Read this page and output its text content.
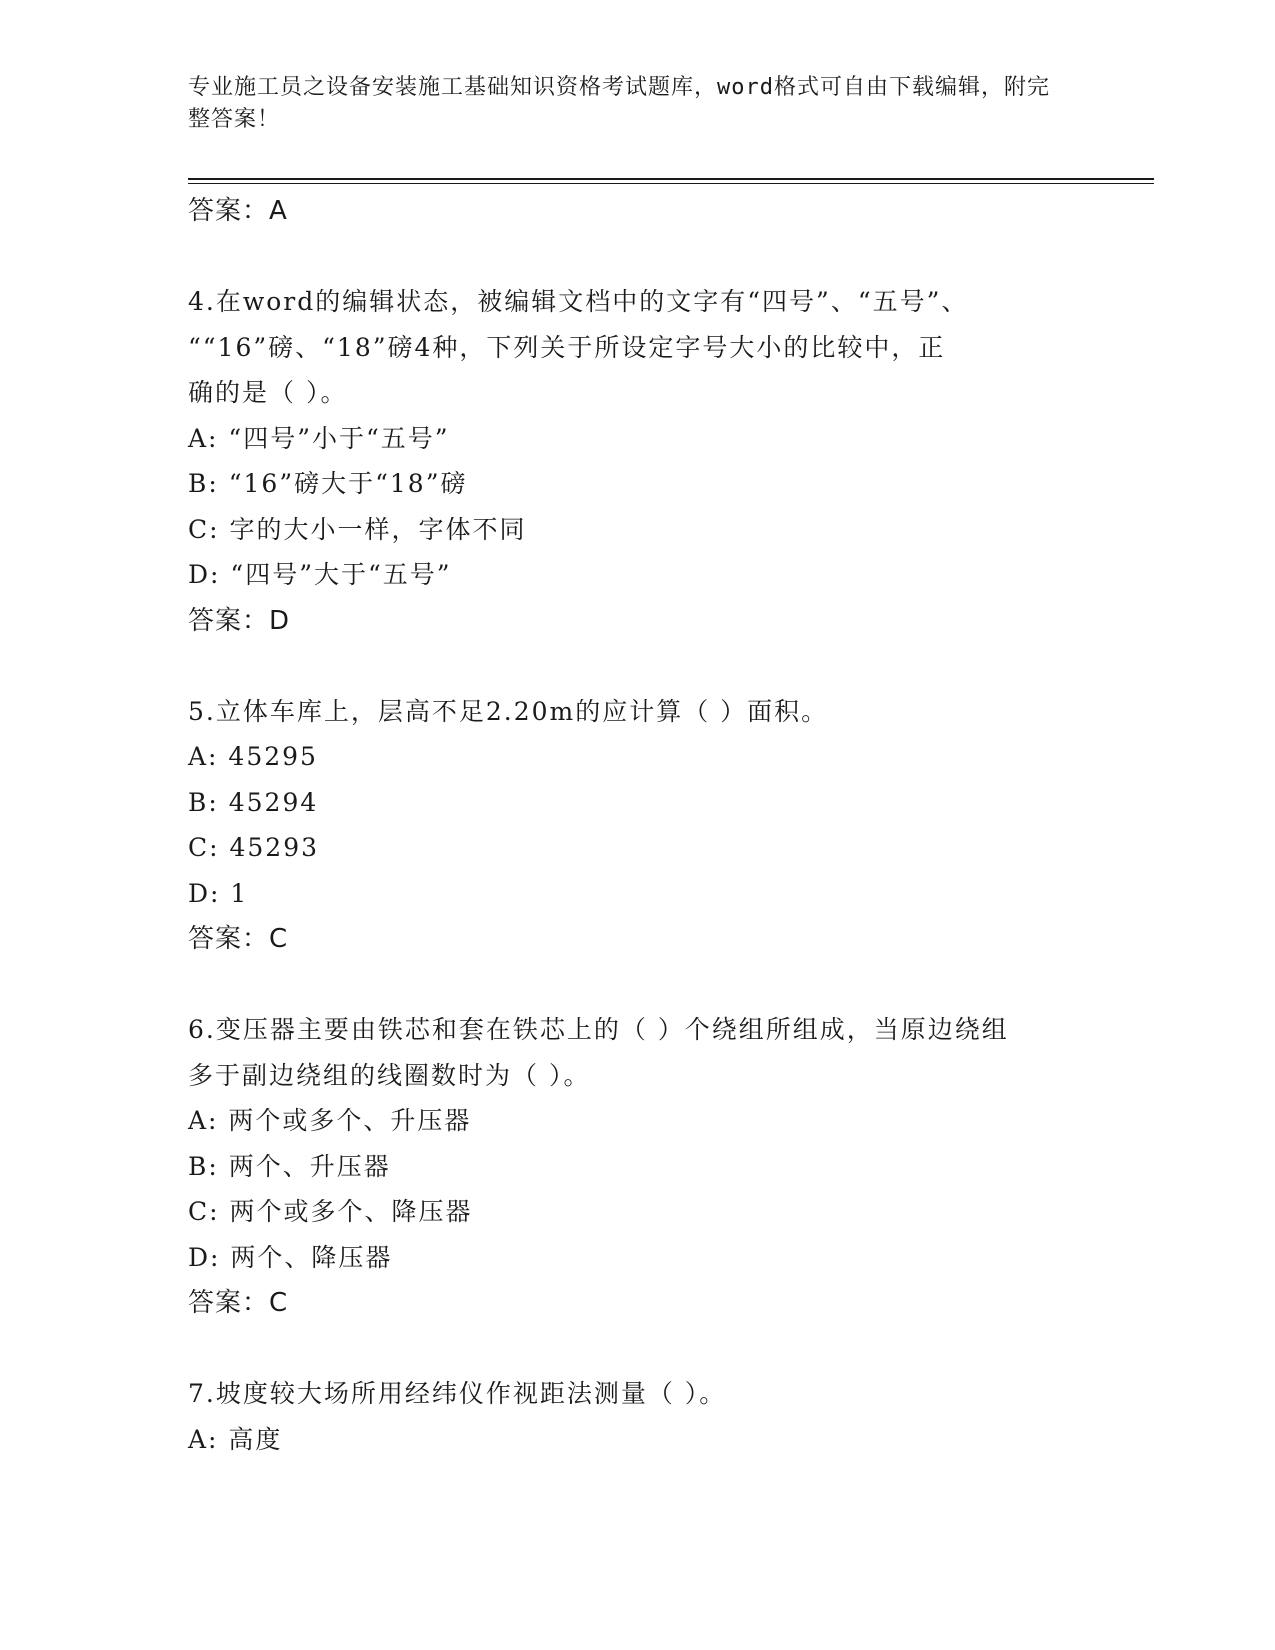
专业施工员之设备安装施工基础知识资格考试题库，word格式可自由下载编辑，附完整答案！
答案：A
4.在word的编辑状态，被编辑文档中的文字有“四号”、“五号”、
““16”磅、“18”磅4种，下列关于所设定字号大小的比较中，正
确的是（ ）。
A: “四号”小于“五号”
B: “16”磅大于“18”磅
C: 字的大小一样，字体不同
D: “四号”大于“五号”
答案：D
5.立体车库上，层高不足2.20m的应计算（ ）面积。
A: 45295
B: 45294
C: 45293
D: 1
答案：C
6.变压器主要由铁芯和套在铁芯上的（ ）个绕组所组成，当原边绕组
多于副边绕组的线圈数时为（ ）。
A: 两个或多个、升压器
B: 两个、升压器
C: 两个或多个、降压器
D: 两个、降压器
答案：C
7.坡度较大场所用经纬仪作视距法测量（ ）。
A: 高度
